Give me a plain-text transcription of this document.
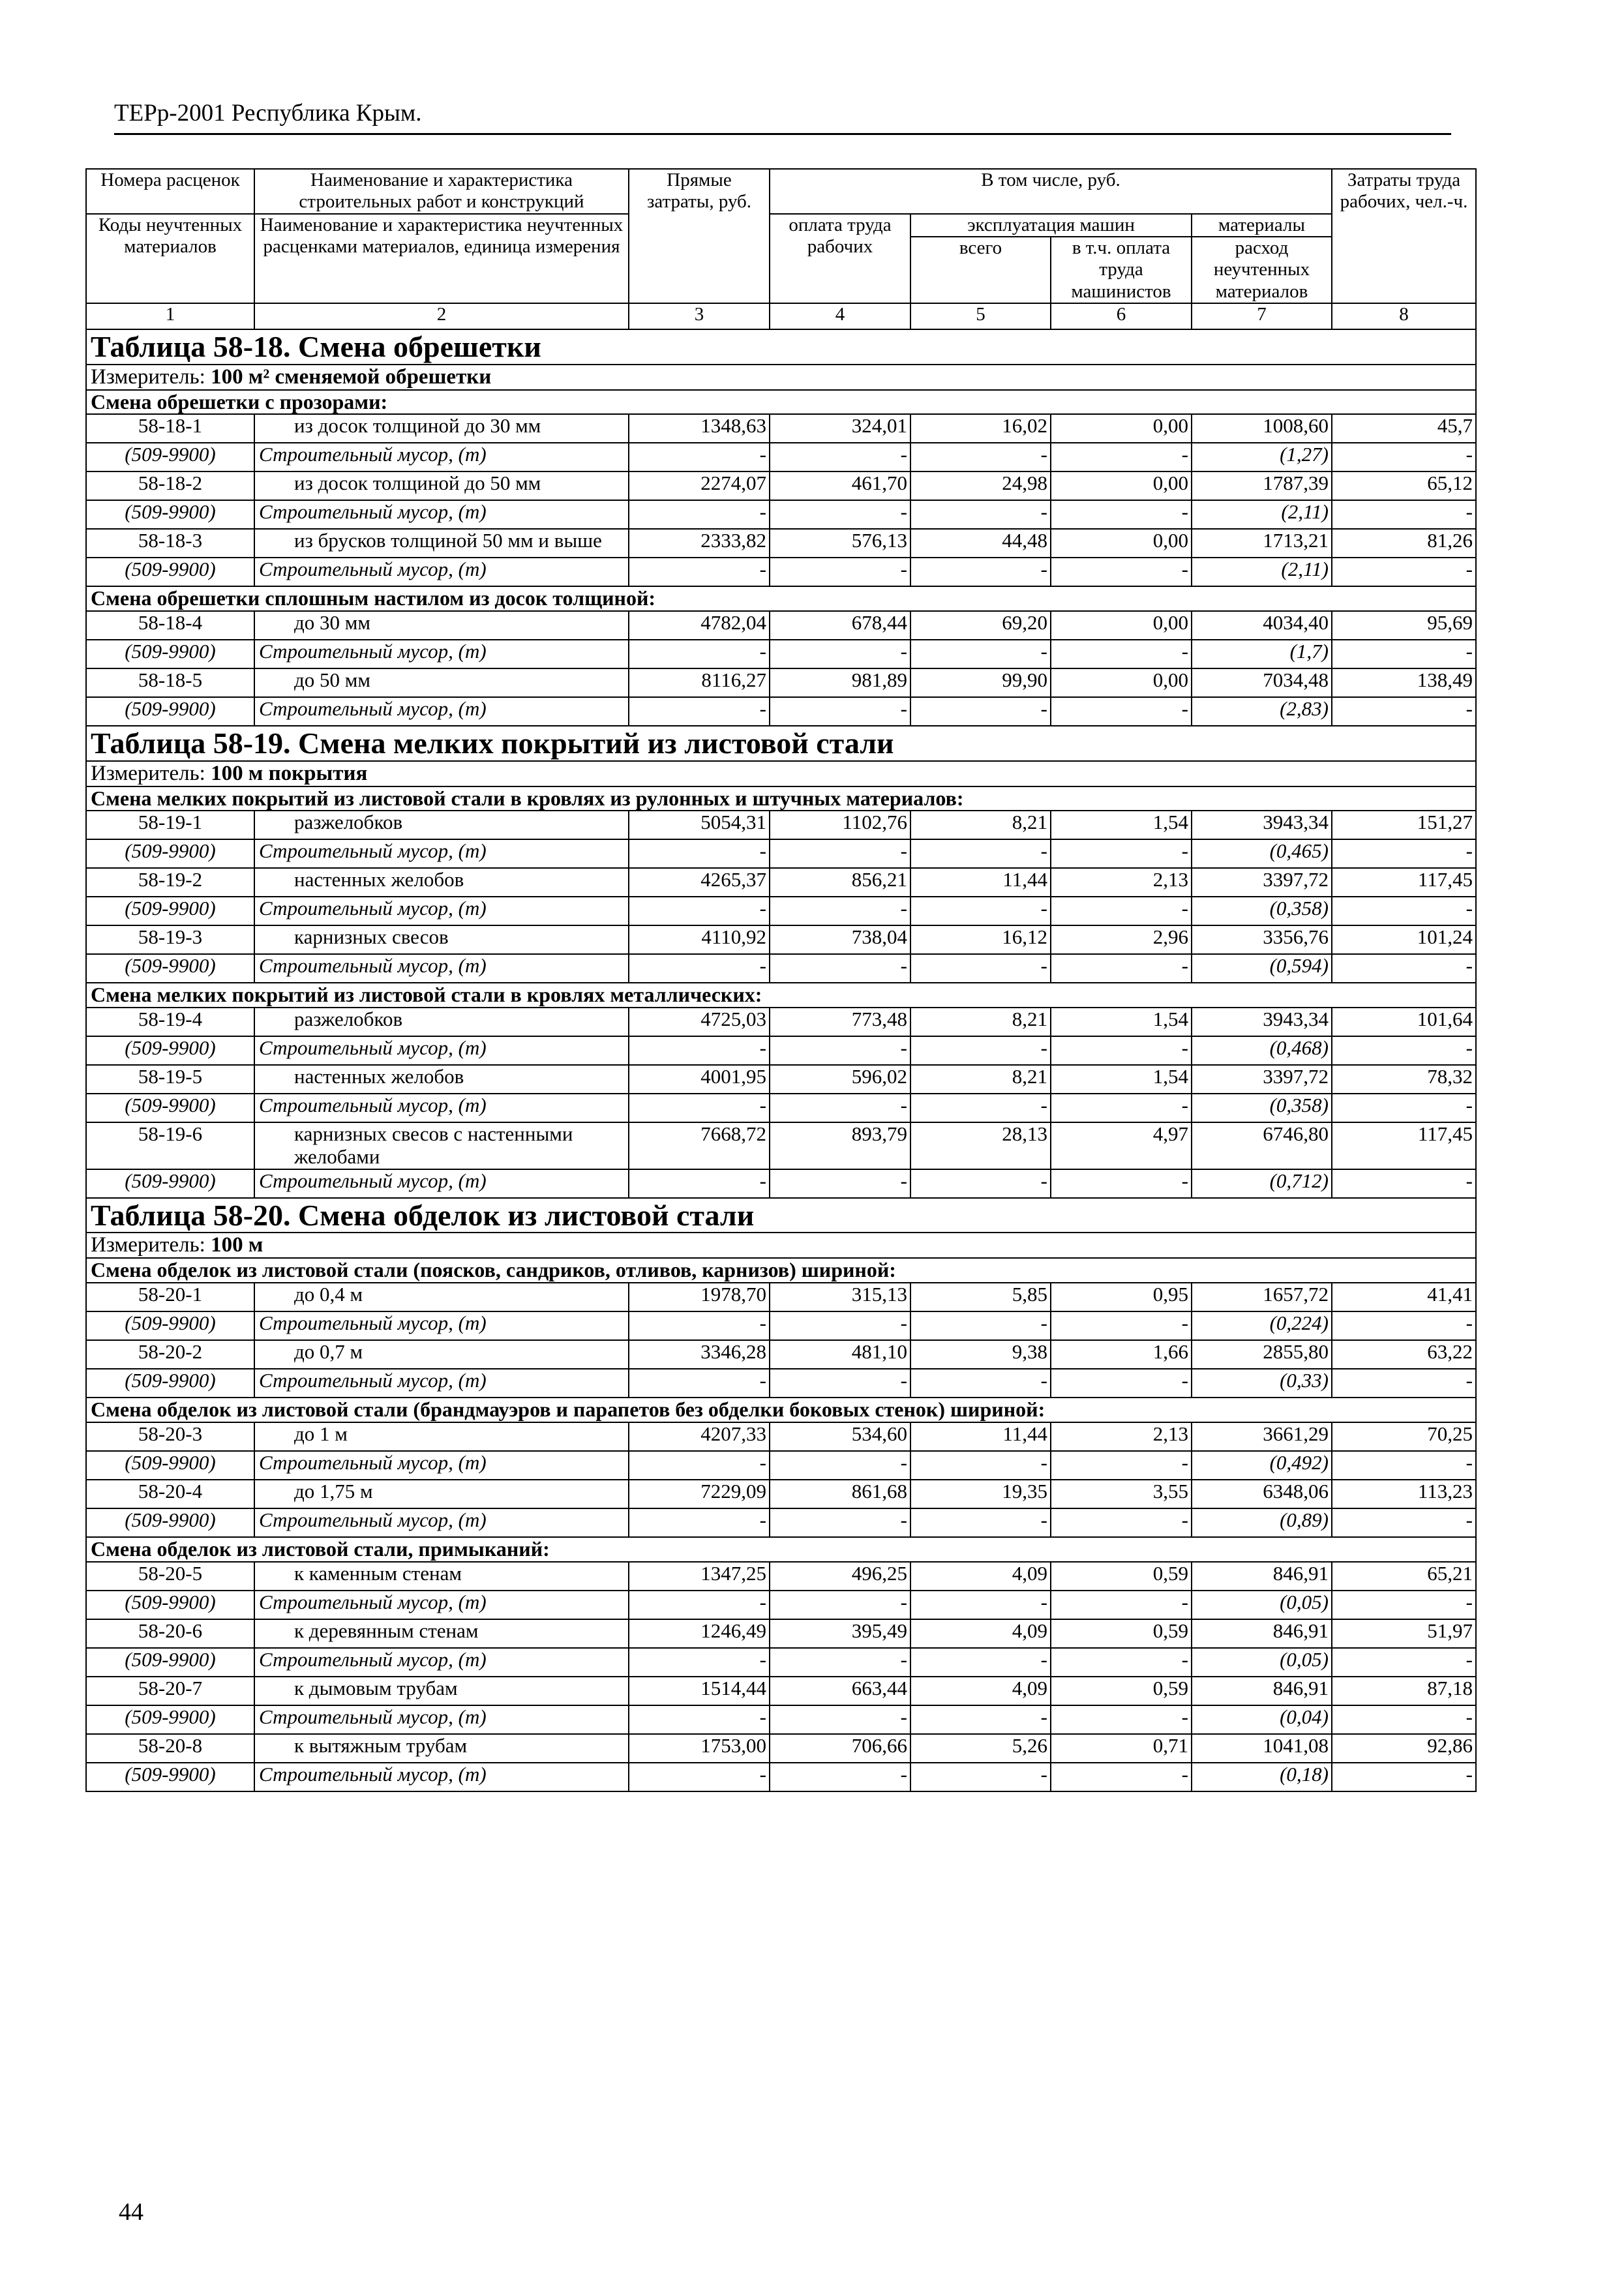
ТЕРр-2001 Республика Крым.
Номера расценок	Наименование и характеристика строительных работ и конструкций	Прямые затраты, руб.	В том числе, руб.				Затраты труда рабочих, чел.-ч.
Коды неучтенных материалов	Наименование и характеристика неучтенных расценками материалов, единица измерения		оплата труда рабочих	эксплуатация машин		материалы	
				всего	в т.ч. оплата труда машинистов	расход неучтенных материалов	
1	2	3	4	5	6	7	8
Таблица 58-18. Смена обрешетки							
Измеритель: 100 м² сменяемой обрешетки							
Смена обрешетки с прозорами:							
58-18-1	из досок толщиной до 30 мм	1348,63	324,01	16,02	0,00	1008,60	45,7
(509-9900)	Строительный мусор, (т)	-	-	-	-	(1,27)	-
58-18-2	из досок толщиной до 50 мм	2274,07	461,70	24,98	0,00	1787,39	65,12
(509-9900)	Строительный мусор, (т)	-	-	-	-	(2,11)	-
58-18-3	из брусков толщиной 50 мм и выше	2333,82	576,13	44,48	0,00	1713,21	81,26
(509-9900)	Строительный мусор, (т)	-	-	-	-	(2,11)	-
Смена обрешетки сплошным настилом из досок толщиной:							
58-18-4	до 30 мм	4782,04	678,44	69,20	0,00	4034,40	95,69
(509-9900)	Строительный мусор, (т)	-	-	-	-	(1,7)	-
58-18-5	до 50 мм	8116,27	981,89	99,90	0,00	7034,48	138,49
(509-9900)	Строительный мусор, (т)	-	-	-	-	(2,83)	-
Таблица 58-19. Смена мелких покрытий из листовой стали							
Измеритель: 100 м покрытия							
Смена мелких покрытий из листовой стали в кровлях из рулонных и штучных материалов:							
58-19-1	разжелобков	5054,31	1102,76	8,21	1,54	3943,34	151,27
(509-9900)	Строительный мусор, (т)	-	-	-	-	(0,465)	-
58-19-2	настенных желобов	4265,37	856,21	11,44	2,13	3397,72	117,45
(509-9900)	Строительный мусор, (т)	-	-	-	-	(0,358)	-
58-19-3	карнизных свесов	4110,92	738,04	16,12	2,96	3356,76	101,24
(509-9900)	Строительный мусор, (т)	-	-	-	-	(0,594)	-
Смена мелких покрытий из листовой стали в кровлях металлических:							
58-19-4	разжелобков	4725,03	773,48	8,21	1,54	3943,34	101,64
(509-9900)	Строительный мусор, (т)	-	-	-	-	(0,468)	-
58-19-5	настенных желобов	4001,95	596,02	8,21	1,54	3397,72	78,32
(509-9900)	Строительный мусор, (т)	-	-	-	-	(0,358)	-
58-19-6	карнизных свесов с настенными желобами	7668,72	893,79	28,13	4,97	6746,80	117,45
(509-9900)	Строительный мусор, (т)	-	-	-	-	(0,712)	-
Таблица 58-20. Смена обделок из листовой стали							
Измеритель: 100 м							
Смена обделок из листовой стали (поясков, сандриков, отливов, карнизов) шириной:							
58-20-1	до 0,4 м	1978,70	315,13	5,85	0,95	1657,72	41,41
(509-9900)	Строительный мусор, (т)	-	-	-	-	(0,224)	-
58-20-2	до 0,7 м	3346,28	481,10	9,38	1,66	2855,80	63,22
(509-9900)	Строительный мусор, (т)	-	-	-	-	(0,33)	-
Смена обделок из листовой стали (брандмауэров и парапетов без обделки боковых стенок) шириной:							
58-20-3	до 1 м	4207,33	534,60	11,44	2,13	3661,29	70,25
(509-9900)	Строительный мусор, (т)	-	-	-	-	(0,492)	-
58-20-4	до 1,75 м	7229,09	861,68	19,35	3,55	6348,06	113,23
(509-9900)	Строительный мусор, (т)	-	-	-	-	(0,89)	-
Смена обделок из листовой стали, примыканий:							
58-20-5	к каменным стенам	1347,25	496,25	4,09	0,59	846,91	65,21
(509-9900)	Строительный мусор, (т)	-	-	-	-	(0,05)	-
58-20-6	к деревянным стенам	1246,49	395,49	4,09	0,59	846,91	51,97
(509-9900)	Строительный мусор, (т)	-	-	-	-	(0,05)	-
58-20-7	к дымовым трубам	1514,44	663,44	4,09	0,59	846,91	87,18
(509-9900)	Строительный мусор, (т)	-	-	-	-	(0,04)	-
58-20-8	к вытяжным трубам	1753,00	706,66	5,26	0,71	1041,08	92,86
(509-9900)	Строительный мусор, (т)	-	-	-	-	(0,18)	-
44
